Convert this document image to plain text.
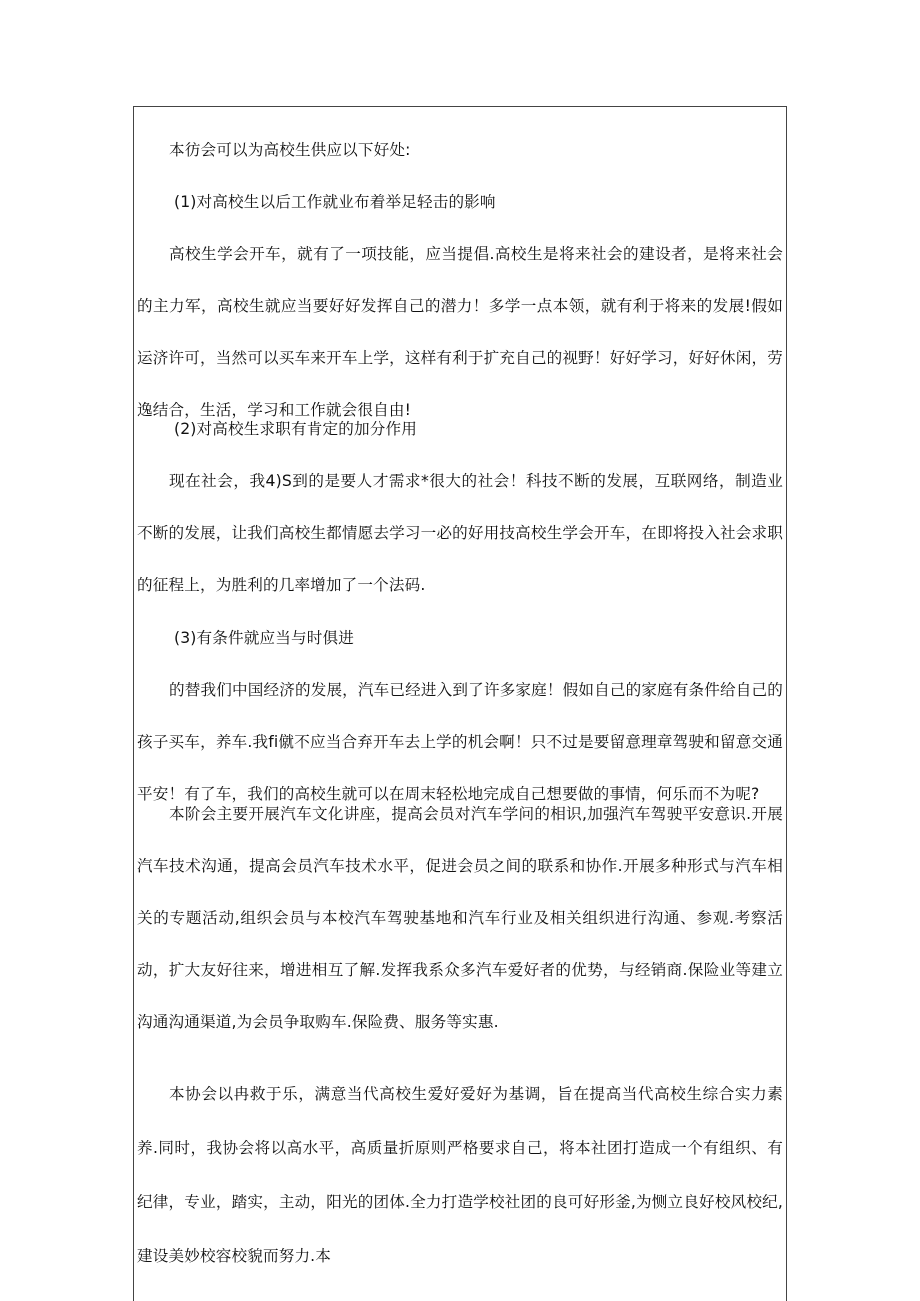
本彷会可以为高校生供应以下好处:

(1)对高校生以后工作就业布着举足轻击的影响

高校生学会开车，就有了一项技能，应当提倡.高校生是将来社会的建设者，是将来社会的主力军，高校生就应当要好好发挥自己的潜力！多学一点本领，就有利于将来的发展!假如运济许可，当然可以买车来开车上学，这样有利于扩充自己的视野！好好学习，好好休闲，劳逸结合，生活，学习和工作就会很自由!

(2)对高校生求职有肯定的加分作用

现在社会，我4)S到的是要人才需求*很大的社会！科技不断的发展，互联网络，制造业不断的发展，让我们高校生都情愿去学习一必的好用技高校生学会开车，在即将投入社会求职的征程上，为胜利的几率增加了一个法码.

(3)有条件就应当与时俱进

的替我们中国经济的发展，汽车已经进入到了许多家庭！假如自己的家庭有条件给自己的孩子买车，养车.我fi僦不应当合弃开车去上学的机会啊！只不过是要留意理章驾驶和留意交通平安！有了车，我们的高校生就可以在周末轻松地完成自己想要做的事情，何乐而不为呢?

本阶会主要开展汽车文化讲座，提高会员对汽车学问的相识,加强汽车驾驶平安意识.开展汽车技术沟通，提高会员汽车技术水平，促进会员之间的联系和协作.开展多种形式与汽车相关的专题活动,组织会员与本校汽车驾驶基地和汽车行业及相关组织进行沟通、参观.考察活动，扩大友好往来，增进相互了解.发挥我系众多汽车爱好者的优势，与经销商.保险业等建立沟通沟通渠道,为会员争取购车.保险费、服务等实惠.

本协会以冉救于乐，满意当代高校生爱好爱好为基调，旨在提高当代高校生综合实力素养.同时，我协会将以高水平，高质量折原则严格要求自己，将本社团打造成一个有组织、有纪律，专业，踏实，主动，阳光的团体.全力打造学校社团的良可好形釜,为恻立良好校风校纪,建设美妙校容校貌而努力.本
